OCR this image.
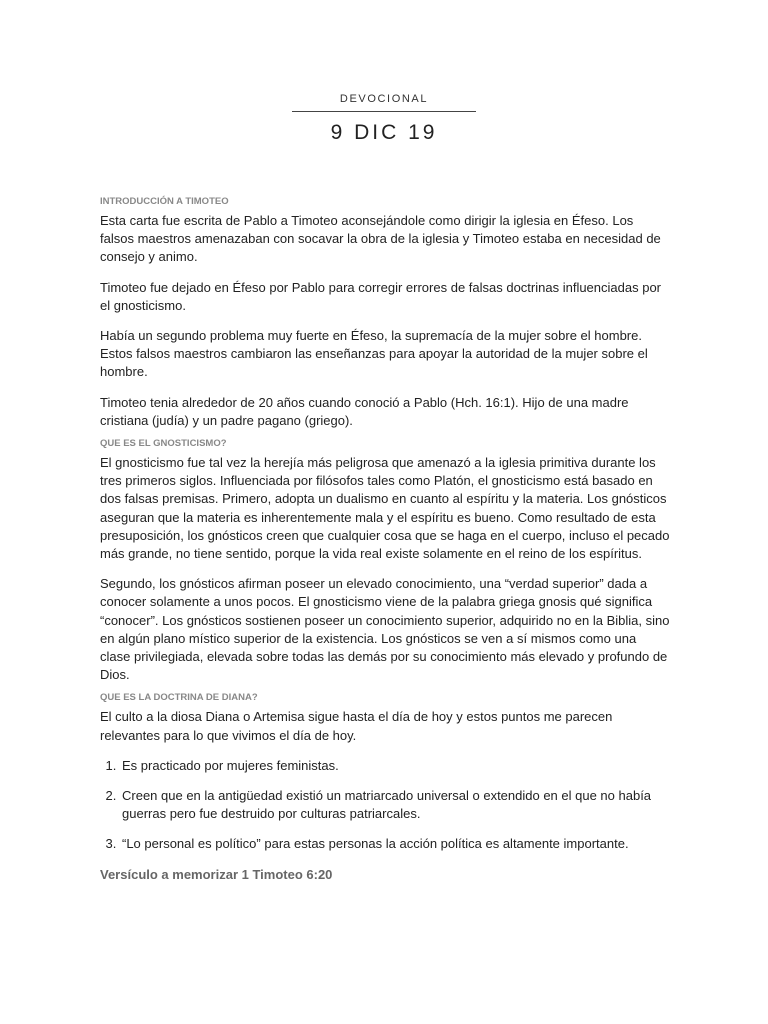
DEVOCIONAL
9 DIC 19
INTRODUCCIÓN A TIMOTEO

Esta carta fue escrita de Pablo a Timoteo aconsejándole como dirigir la iglesia en Éfeso. Los falsos maestros amenazaban con socavar la obra de la iglesia y Timoteo estaba en necesidad de consejo y animo.

Timoteo fue dejado en Éfeso por Pablo para corregir errores de falsas doctrinas influenciadas por el gnosticismo.

Había un segundo problema muy fuerte en Éfeso, la supremacía de la mujer sobre el hombre. Estos falsos maestros cambiaron las enseñanzas para apoyar la autoridad de la mujer sobre el hombre.

Timoteo tenia alrededor de 20 años cuando conoció a Pablo (Hch. 16:1). Hijo de una madre cristiana (judía) y un padre pagano (griego).

QUE ES EL GNOSTICISMO?

El gnosticismo fue tal vez la herejía más peligrosa que amenazó a la iglesia primitiva durante los tres primeros siglos. Influenciada por filósofos tales como Platón, el gnosticismo está basado en dos falsas premisas. Primero, adopta un dualismo en cuanto al espíritu y la materia. Los gnósticos aseguran que la materia es inherentemente mala y el espíritu es bueno. Como resultado de esta presuposición, los gnósticos creen que cualquier cosa que se haga en el cuerpo, incluso el pecado más grande, no tiene sentido, porque la vida real existe solamente en el reino de los espíritus.

Segundo, los gnósticos afirman poseer un elevado conocimiento, una “verdad superior” dada a conocer solamente a unos pocos. El gnosticismo viene de la palabra griega gnosis qué significa “conocer”. Los gnósticos sostienen poseer un conocimiento superior, adquirido no en la Biblia, sino en algún plano místico superior de la existencia. Los gnósticos se ven a sí mismos como una clase privilegiada, elevada sobre todas las demás por su conocimiento más elevado y profundo de Dios.

QUE ES LA DOCTRINA DE DIANA?

El culto a la diosa Diana o Artemisa sigue hasta el día de hoy y estos puntos me parecen relevantes para lo que vivimos el día de hoy.

1. Es practicado por mujeres feministas.
2. Creen que en la antigüedad existió un matriarcado universal o extendido en el que no había guerras pero fue destruido por culturas patriarcales.
3. “Lo personal es político” para estas personas la acción política es altamente importante.
Versículo a memorizar 1 Timoteo 6:20
